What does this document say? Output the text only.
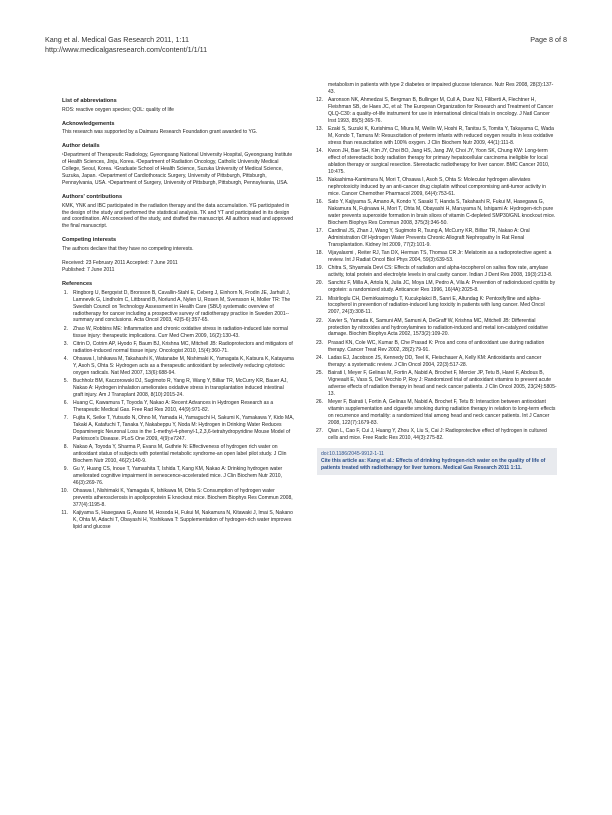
Kang et al. Medical Gas Research 2011, 1:11
http://www.medicalgasresearch.com/content/1/1/11
Page 8 of 8
List of abbreviations

ROS: reactive oxygen species; QOL: quality of life

Acknowledgements

This research was supported by a Daimaru Research Foundation grant awarded to YG.

Author details

¹Department of Therapeutic Radiology, Gyeongsang National University Hospital, Gyeongsang Institute of Health Sciences, Jinju, Korea. ²Department of Radiation Oncology, Catholic University Medical College, Seoul, Korea. ³Graduate School of Health Science, Suzuka University of Medical Science, Suzuka, Japan. ⁴Department of Cardiothoracic Surgery, University of Pittsburgh, Pittsburgh, Pennsylvania, USA. ⁵Department of Surgery, University of Pittsburgh, Pittsburgh, Pennsylvania, USA.

Authors' contributions

KMK, YNK and IBC participated in the radiation therapy and the data accumulation. YG participated in the design of the study and performed the statistical analysis. TK and YT and participated in its design and coordination. AN conceived of the study, and drafted the manuscript. All authors read and approved the final manuscript.

Competing interests

The authors declare that they have no competing interests.

Received: 23 February 2011 Accepted: 7 June 2011

Published: 7 June 2011

References
1. Ringborg U, Bergqvist D, Brorsson B, Cavallin-Stahl E, Ceberg J, Einhorn N, Frodin JE, Jarhult J, Lamnevik G, Lindholm C, Littbrand B, Norlund A, Nylen U, Rosen M, Svensson H, Moller TR: The Swedish Council on Technology Assessment in Health Care (SBU) systematic overview of radiotherapy for cancer including a prospective survey of radiotherapy practice in Sweden 2001--summary and conclusions. Acta Oncol 2003, 42(5-6):357-65.
2. Zhao W, Robbins ME: Inflammation and chronic oxidative stress in radiation-induced late normal tissue injury: therapeutic implications. Curr Med Chem 2009, 16(2):130-43.
3. Citrin D, Cotrim AP, Hyodo F, Baum BJ, Krishna MC, Mitchell JB: Radioprotectors and mitigators of radiation-induced normal tissue injury. Oncologist 2010, 15(4):360-71.
4. Ohsawa I, Ishikawa M, Takahashi K, Watanabe M, Nishimaki K, Yamagata K, Katsura K, Katayama Y, Asoh S, Ohta S: Hydrogen acts as a therapeutic antioxidant by selectively reducing cytotoxic oxygen radicals. Nat Med 2007, 13(6):688-94.
5. Buchholz BM, Kaczorowski DJ, Sugimoto R, Yang R, Wang Y, Billiar TR, McCurry KR, Bauer AJ, Nakao A: Hydrogen inhalation ameliorates oxidative stress in transplantation induced intestinal graft injury. Am J Transplant 2008, 8(10):2015-24.
6. Huang C, Kawamura T, Toyoda Y, Nakao A: Recent Advances in Hydrogen Research as a Therapeutic Medical Gas. Free Rad Res 2010, 44(9):971-82.
7. Fujita K, Seike T, Yutsudo N, Ohno M, Yamada H, Yamaguchi H, Sakumi K, Yamakawa Y, Kido MA, Takaki A, Katafuchi T, Tanaka Y, Nakabeppu Y, Noda M: Hydrogen in Drinking Water Reduces Dopaminergic Neuronal Loss in the 1-methyl-4-phenyl-1,2,3,6-tetrahydropyridine Mouse Model of Parkinson's Disease. PLoS One 2009, 4(9):e7247.
8. Nakao A, Toyoda Y, Sharma P, Evans M, Guthrie N: Effectiveness of hydrogen rich water on antioxidant status of subjects with potential metabolic syndrome-an open label pilot study. J Clin Biochem Nutr 2010, 46(2):140-9.
9. Gu Y, Huang CS, Inoue T, Yamashita T, Ishida T, Kang KM, Nakao A: Drinking hydrogen water ameliorated cognitive impairment in senescence-accelerated mice. J Clin Biochem Nutr 2010, 46(3):269-76.
10. Ohsawa I, Nishimaki K, Yamagata K, Ishikawa M, Ohta S: Consumption of hydrogen water prevents atherosclerosis in apolipoprotein E knockout mice. Biochem Biophys Res Commun 2008, 377(4):1195-8.
11. Kajiyama S, Hasegawa G, Asano M, Hosoda H, Fukui M, Nakamura N, Kitawaki J, Imai S, Nakano K, Ohta M, Adachi T, Obayashi H, Yoshikawa T: Supplementation of hydrogen-rich water improves lipid and glucose
metabolism in patients with type 2 diabetes or impaired glucose tolerance. Nutr Res 2008, 28(3):137-43.
12. Aaronson NK, Ahmedzai S, Bergman B, Bullinger M, Cull A, Duez NJ, Filiberti A, Flechtner H, Fleishman SB, de Haes JC, et al: The European Organization for Research and Treatment of Cancer QLQ-C30: a quality-of-life instrument for use in international clinical trials in oncology. J Natl Cancer Inst 1993, 85(5):365-76.
13. Ezaki S, Suzuki K, Kurishima C, Miura M, Weilin W, Hoshi R, Tanitsu S, Tomita Y, Takayama C, Wada M, Kondo T, Tamura M: Resuscitation of preterm infants with reduced oxygen results in less oxidative stress than resuscitation with 100% oxygen. J Clin Biochem Nutr 2009, 44(1):111-8.
14. Kwon JH, Bae SH, Kim JY, Choi BO, Jang HS, Jang JW, Choi JY, Yoon SK, Chung KW: Long-term effect of stereotactic body radiation therapy for primary hepatocellular carcinoma ineligible for local ablation therapy or surgical resection. Stereotactic radiotherapy for liver cancer. BMC Cancer 2010, 10:475.
15. Nakashima-Kamimura N, Mori T, Ohsawa I, Asoh S, Ohta S: Molecular hydrogen alleviates nephrotoxicity induced by an anti-cancer drug cisplatin without compromising anti-tumor activity in mice. Cancer Chemother Pharmacol 2009, 64(4):753-61.
16. Sato Y, Kajiyama S, Amano A, Kondo Y, Sasaki T, Handa S, Takahashi R, Fukui M, Hasegawa G, Nakamura N, Fujinawa H, Mori T, Ohta M, Obayashi H, Maruyama N, Ishigami A: Hydrogen-rich pure water prevents superoxide formation in brain slices of vitamin C-depleted SMP30/GNL knockout mice. Biochem Biophys Res Commun 2008, 375(3):346-50.
17. Cardinal JS, Zhan J, Wang Y, Sugimoto R, Tsung A, McCurry KR, Billiar TR, Nakao A: Oral Administration Of Hydrogen Water Prevents Chronic Allograft Nephropathy In Rat Renal Transplantation. Kidney Int 2009, 77(2):101-9.
18. Vijayalaxmi , Reiter RJ, Tan DX, Herman TS, Thomas CR Jr: Melatonin as a radioprotective agent: a review. Int J Radiat Oncol Biol Phys 2004, 59(3):639-53.
19. Chitra S, Shyamala Devi CS: Effects of radiation and alpha-tocopherol on saliva flow rate, amylase activity, total protein and electrolyte levels in oral cavity cancer. Indian J Dent Res 2008, 19(3):213-8.
20. Sanchiz F, Milla A, Artola N, Julia JC, Moya LM, Pedro A, Vila A: Prevention of radioinduced cystitis by orgotein: a randomized study. Anticancer Res 1996, 16(4A):2025-8.
21. Misirlioglu CH, Demirkasimoglu T, Kucukplakci B, Sanri E, Altundag K: Pentoxifylline and alpha-tocopherol in prevention of radiation-induced lung toxicity in patients with lung cancer. Med Oncol 2007, 24(3):308-11.
22. Xavier S, Yamada K, Samuni AM, Samuni A, DeGraff W, Krishna MC, Mitchell JB: Differential protection by nitroxides and hydroxylamines to radiation-induced and metal ion-catalyzed oxidative damage. Biochim Biophys Acta 2002, 1573(2):109-20.
23. Prasad KN, Cole WC, Kumar B, Che Prasad K: Pros and cons of antioxidant use during radiation therapy. Cancer Treat Rev 2002, 28(2):79-91.
24. Ladas EJ, Jacobson JS, Kennedy DD, Teel K, Fleischauer A, Kelly KM: Antioxidants and cancer therapy: a systematic review. J Clin Oncol 2004, 22(3):517-28.
25. Bairati I, Meyer F, Gelinas M, Fortin A, Nabid A, Brochet F, Mercier JP, Tetu B, Harel F, Abdous B, Vigneault E, Vass S, Del Vecchio P, Roy J: Randomized trial of antioxidant vitamins to prevent acute adverse effects of radiation therapy in head and neck cancer patients. J Clin Oncol 2005, 23(24):5805-13.
26. Meyer F, Bairati I, Fortin A, Gelinas M, Nabid A, Brochet F, Tetu B: Interaction between antioxidant vitamin supplementation and cigarette smoking during radiation therapy in relation to long-term effects on recurrence and mortality: a randomized trial among head and neck cancer patients. Int J Cancer 2008, 122(7):1679-83.
27. Qian L, Cao F, Cui J, Huang Y, Zhou X, Liu S, Cai J: Radioprotective effect of hydrogen in cultured cells and mice. Free Radic Res 2010, 44(3):275-82.

doi:10.1186/2045-9912-1-11

Cite this article as: Kang et al.: Effects of drinking hydrogen-rich water on the quality of life of patients treated with radiotherapy for liver tumors. Medical Gas Research 2011 1:11.
